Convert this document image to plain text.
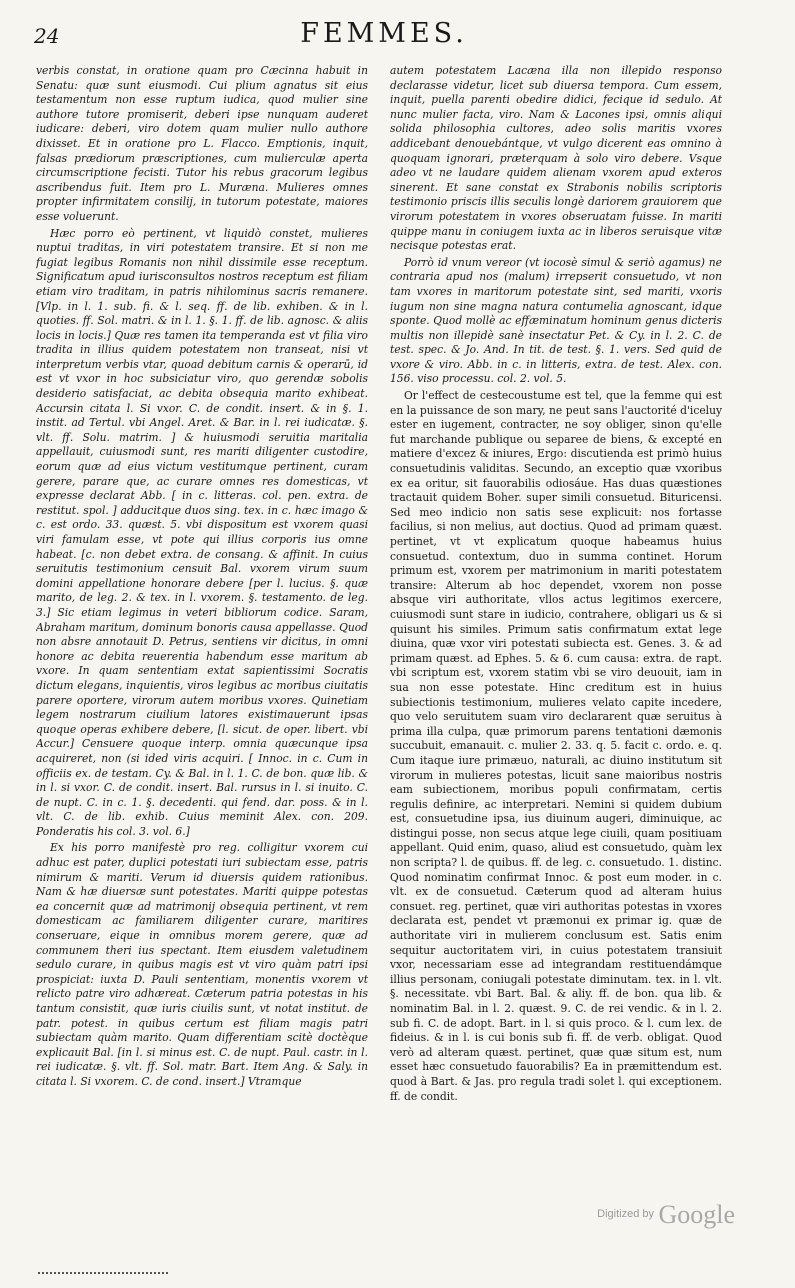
24	FEMMES.

verbis constat, in oratione quam pro Cæcinna habuit in Senatu: quæ sunt eiusmodi. Cui plium agnatus sit eius testamentum non esse ruptum iudica, quod mulier sine authore tutore promiserit, deberi ipse nunquam auderet iudicare: deberi, viro dotem quam mulier nullo authore dixisset. Et in oratione pro L. Flacco. Emptionis, inquit, falsas prædiorum præscriptiones, cum mulierculæ aperta circumscriptione fecisti. Tutor his rebus gracorum legibus ascribendus fuit. Item pro L. Muræna. Mulieres omnes propter infirmitatem consilij, in tutorum potestate, maiores esse voluerunt.

Hæc porro eò pertinent, vt liquidò constet, mulieres nuptui traditas, in viri potestatem transire. Et si non me fugiat legibus Romanis non nihil dissimile esse receptum. Significatum apud iurisconsultos nostros receptum est filiam etiam viro traditam, in patris nihilominus sacris remanere. [Vlp. in l. 1. sub. fi. & l. seq. ff. de lib. exhiben. & in l. quoties. ff. Sol. matri. & in l. 1. §. 1. ff. de lib. agnosc. & aliis locis in locis.] Quæ res tamen ita temperanda est vt filia viro tradita in illius quidem potestatem non transeat, nisi vt interpretum verbis vtar, quoad debitum carnis & operarū, id est vt vxor in hoc subsiciatur viro, quo gerendæ sobolis desiderio satisfaciat, ac debita obsequia marito exhibeat. Accursin citata l. Si vxor. C. de condit. insert. & in §. 1. instit. ad Tertul. vbi Angel. Aret. & Bar. in l. rei iudicatæ. §. vlt. ff. Solu. matrim. ] & huiusmodi seruitia maritalia appellauit, cuiusmodi sunt, res mariti diligenter custodire, eorum quæ ad eius victum vestitumque pertinent, curam gerere, parare que, ac curare omnes res domesticas, vt expresse declarat Abb. [ in c. litteras. col. pen. extra. de restitut. spol. ] adducitque duos sing. tex. in c. hæc imago & c. est ordo. 33. quæst. 5. vbi dispositum est vxorem quasi viri famulam esse, vt pote qui illius corporis ius omne habeat. [c. non debet extra. de consang. & affinit. In cuius seruitutis testimonium censuit Bal. vxorem virum suum domini appellatione honorare debere [per l. lucius. §. quæ marito, de leg. 2. & tex. in l. vxorem. §. testamento. de leg. 3.] Sic etiam legimus in veteri bibliorum codice. Saram, Abraham maritum, dominum bonoris causa appellasse. Quod non absre annotauit D. Petrus, sentiens vir dicitus, in omni honore ac debita reuerentia habendum esse maritum ab vxore. In quam sententiam extat sapientissimi Socratis dictum elegans, inquientis, viros legibus ac moribus ciuitatis parere oportere, virorum autem moribus vxores. Quinetiam legem nostrarum ciuilium latores existimauerunt ipsas quoque operas exhibere debere, [l. sicut. de oper. libert. vbi Accur.] Censuere quoque interp. omnia quæcunque ipsa acquireret, non (si ided viris acquiri. [ Innoc. in c. Cum in officiis ex. de testam. Cy. & Bal. in l. 1. C. de bon. quæ lib. & in l. si vxor. C. de condit. insert. Bal. rursus in l. si inuito. C. de nupt. C. in c. 1. §. decedenti. qui fend. dar. poss. & in l. vlt. C. de lib. exhib. Cuius meminit Alex. con. 209. Ponderatis his col. 3. vol. 6.]

Ex his porro manifestè pro reg. colligitur vxorem cui adhuc est pater, duplici potestati iuri subiectam esse, patris nimirum & mariti. Verum id diuersis quidem rationibus. Nam & hæ diuersæ sunt potestates. Mariti quippe potestas ea concernit quæ ad matrimonij obsequia pertinent, vt rem domesticam ac familiarem diligenter curare, maritires conseruare, eique in omnibus morem gerere, quæ ad communem theri ius spectant. Item eiusdem valetudinem sedulo curare, in quibus magis est vt viro quàm patri ipsi prospiciat: iuxta D. Pauli sententiam, monentis vxorem vt relicto patre viro adhæreat. Cæterum patria potestas in his tantum consistit, quæ iuris ciuilis sunt, vt notat institut. de patr. potest. in quibus certum est filiam magis patri subiectam quàm marito. Quam differentiam scitè doctèque explicauit Bal. [in l. si minus est. C. de nupt. Paul. castr. in l. rei iudicatæ. §. vlt. ff. Sol. matr. Bart. Item Ang. & Saly. in citata l. Si vxorem. C. de cond. insert.] Vtramque

autem potestatem Lacæna illa non illepido responso declarasse videtur, licet sub diuersa tempora. Cum essem, inquit, puella parenti obedire didici, fecique id sedulo. At nunc mulier facta, viro. Nam & Lacones ipsi, omnis aliqui solida philosophia cultores, adeo solis maritis vxores addicebant denouebántque, vt vulgo dicerent eas omnino à quoquam ignorari, præterquam à solo viro debere. Vsque adeo vt ne laudare quidem alienam vxorem apud exteros sinerent. Et sane constat ex Strabonis nobilis scriptoris testimonio priscis illis seculis longè dariorem grauiorem que virorum potestatem in vxores obseruatam fuisse. In mariti quippe manu in coniugem iuxta ac in liberos seruisque vitæ necisque potestas erat.

Porrò id vnum vereor (vt iocosè simul & seriò agamus) ne contraria apud nos (malum) irrepserit consuetudo, vt non tam vxores in maritorum potestate sint, sed mariti, vxoris iugum non sine magna natura contumelia agnoscant, idque sponte. Quod mollè ac effæminatum hominum genus dicteris multis non illepidè sanè insectatur Pet. & Cy. in l. 2. C. de test. spec. & Jo. And. In tit. de test. §. 1. vers. Sed quid de vxore & viro. Abb. in c. in litteris, extra. de test. Alex. con. 156. viso processu. col. 2. vol. 5.

Or l'effect de cestecoustume est tel, que la femme qui est en la puissance de son mary, ne peut sans l'auctorité d'iceluy ester en iugement, contracter, ne soy obliger, sinon qu'elle fut marchande publique ou separee de biens, & excepté en matiere d'excez & iniures, Ergo: discutienda est primò huius consuetudinis validitas. Secundo, an exceptio quæ vxoribus ex ea oritur, sit fauorabilis odiosáue. Has duas quæstiones tractauit quidem Boher. super simili consuetud. Bituricensi. Sed meo indicio non satis sese explicuit: nos fortasse facilius, si non melius, aut doctius. Quod ad primam quæst. pertinet, vt vt explicatum quoque habeamus huius consuetud. contextum, duo in summa continet. Horum primum est, vxorem per matrimonium in mariti potestatem transire: Alterum ab hoc dependet, vxorem non posse absque viri authoritate, vllos actus legitimos exercere, cuiusmodi sunt stare in iudicio, contrahere, obligari us & si quisunt his similes. Primum satis confirmatum extat lege diuina, quæ vxor viri potestati subiecta est. Genes. 3. & ad primam quæst. ad Ephes. 5. & 6. cum causa: extra. de rapt. vbi scriptum est, vxorem statim vbi se viro deuouit, iam in sua non esse potestate. Hinc creditum est in huius subiectionis testimonium, mulieres velato capite incedere, quo velo seruitutem suam viro declararent quæ seruitus à prima illa culpa, quæ primorum parens tentationi dæmonis succubuit, emanauit. c. mulier 2. 33. q. 5. facit c. ordo. e. q. Cum itaque iure primæuo, naturali, ac diuino institutum sit virorum in mulieres potestas, licuit sane maioribus nostris eam subiectionem, moribus populi confirmatam, certis regulis definire, ac interpretari. Nemini si quidem dubium est, consuetudine ipsa, ius diuinum augeri, diminuique, ac distingui posse, non secus atque lege ciuili, quam positiuam appellant. Quid enim, quaso, aliud est consuetudo, quàm lex non scripta? l. de quibus. ff. de leg. c. consuetudo. 1. distinc. Quod nominatim confirmat Innoc. & post eum moder. in c. vlt. ex de consuetud. Cæterum quod ad alteram huius consuet. reg. pertinet, quæ viri authoritas potestas in vxores declarata est, pendet vt præmonui ex primar ig. quæ de authoritate viri in mulierem conclusum est. Satis enim sequitur auctoritatem viri, in cuius potestatem transiuit vxor, necessariam esse ad integrandam restituendámque illius personam, coniugali potestate diminutam. tex. in l. vlt. §. necessitate. vbi Bart. Bal. & aliy. ff. de bon. qua lib. & nominatim Bal. in l. 2. quæst. 9. C. de rei vendic. & in l. 2. sub fi. C. de adopt. Bart. in l. si quis proco. & l. cum lex. de fideius. & in l. is cui bonis sub fi. ff. de verb. obligat. Quod verò ad alteram quæst. pertinet, quæ quæ situm est, num esset hæc consuetudo fauorabilis? Ea in præmittendum est. quod à Bart. & Jas. pro regula tradi solet l. qui exceptionem. ff. de condit.

$^{Digitized by}$ Google
